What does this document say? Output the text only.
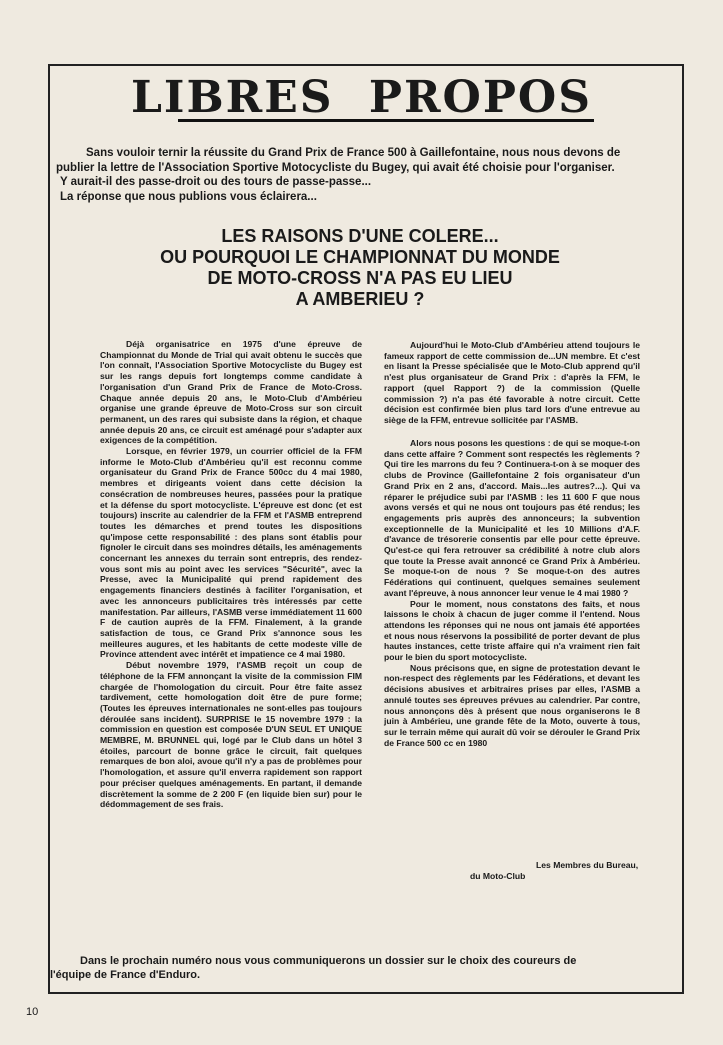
LIBRES PROPOS
Sans vouloir ternir la réussite du Grand Prix de France 500 à Gaillefontaine, nous nous devons de
publier la lettre de l'Association Sportive Motocycliste du Bugey, qui avait été choisie pour l'organiser.
Y aurait-il des passe-droit ou des tours de passe-passe...
La réponse que nous publions vous éclairera...
LES RAISONS D'UNE COLERE...
OU POURQUOI LE CHAMPIONNAT DU MONDE
DE MOTO-CROSS N'A PAS EU LIEU
A AMBERIEU ?

Déjà organisatrice en 1975 d'une épreuve de Championnat du Monde de Trial qui avait obtenu le succès que l'on connaît, l'Association Sportive Motocycliste du Bugey est sur les rangs depuis fort longtemps comme candidate à l'organisation d'un Grand Prix de France de Moto-Cross. Chaque année depuis 20 ans, le Moto-Club d'Ambérieu organise une grande épreuve de Moto-Cross sur son circuit permanent, un des rares qui subsiste dans la région, et chaque année depuis 20 ans, ce circuit est aménagé pour s'adapter aux exigences de la compétition.

Lorsque, en février 1979, un courrier officiel de la FFM informe le Moto-Club d'Ambérieu qu'il est reconnu comme organisateur du Grand Prix de France 500cc du 4 mai 1980, membres et dirigeants voient dans cette décision la consécration de nombreuses heures, passées pour la pratique et la défense du sport motocycliste. L'épreuve est donc (et est toujours) inscrite au calendrier de la FFM et l'ASMB entreprend toutes les démarches et prend toutes les dispositions qu'impose cette responsabilité : des plans sont établis pour fignoler le circuit dans ses moindres détails, les aménagements concernant les annexes du terrain sont entrepris, des rendez-vous sont mis au point avec les services "Sécurité", avec la Presse, avec la Municipalité qui prend rapidement des engagements financiers destinés à faciliter l'organisation, et avec les annonceurs publicitaires très intéressés par cette manifestation. Par ailleurs, l'ASMB verse immédiatement 11 600 F de caution auprès de la FFM. Finalement, à la grande satisfaction de tous, ce Grand Prix s'annonce sous les meilleures augures, et les habitants de cette modeste ville de Province attendent avec intérêt et impatience ce 4 mai 1980.

Début novembre 1979, l'ASMB reçoit un coup de téléphone de la FFM annonçant la visite de la commission FIM chargée de l'homologation du circuit. Pour être faite assez tardivement, cette homologation doit être de pure forme; (Toutes les épreuves internationales ne sont-elles pas toujours déroulée sans incident). SURPRISE le 15 novembre 1979 : la commission en question est composée D'UN SEUL ET UNIQUE MEMBRE, M. BRUNNEL qui, logé par le Club dans un hôtel 3 étoiles, parcourt de bonne grâce le circuit, fait quelques remarques de bon aloi, avoue qu'il n'y a pas de problèmes pour l'homologation, et assure qu'il enverra rapidement son rapport pour préciser quelques aménagements. En partant, il demande discrètement la somme de 2 200 F (en liquide bien sur) pour le dédommagement de ses frais.

Aujourd'hui le Moto-Club d'Ambérieu attend toujours le fameux rapport de cette commission de...UN membre. Et c'est en lisant la Presse spécialisée que le Moto-Club apprend qu'il n'est plus organisateur de Grand Prix : d'après la FFM, le rapport (quel Rapport ?) de la commission (Quelle commission ?) n'a pas été favorable à notre circuit. Cette décision est confirmée bien plus tard lors d'une entrevue au siège de la FFM, entrevue sollicitée par l'ASMB.

Alors nous posons les questions : de qui se moque-t-on dans cette affaire ? Comment sont respectés les règlements ? Qui tire les marrons du feu ? Continuera-t-on à se moquer des clubs de Province (Gaillefontaine 2 fois organisateur d'un Grand Prix en 2 ans, d'accord. Mais...les autres?...). Qui va réparer le préjudice subi par l'ASMB : les 11 600 F que nous avons versés et qui ne nous ont toujours pas été rendus; les engagements pris auprès des annonceurs; la subvention exceptionnelle de la Municipalité et les 10 Millions d'A.F. d'avance de trésorerie consentis par elle pour cette épreuve. Qu'est-ce qui fera retrouver sa crédibilité à notre club alors que toute la Presse avait annoncé ce Grand Prix à Ambérieu. Se moque-t-on de nous ? Se moque-t-on des autres Fédérations qui continuent, quelques semaines seulement avant l'épreuve, à nous annoncer leur venue le 4 mai 1980 ?

Pour le moment, nous constatons des faits, et nous laissons le choix à chacun de juger comme il l'entend. Nous attendons les réponses qui ne nous ont jamais été apportées et nous nous réservons la possibilité de porter devant de plus hautes instances, cette triste affaire qui n'a vraiment rien fait pour le bien du sport motocycliste.

Nous précisons que, en signe de protestation devant le non-respect des règlements par les Fédérations, et devant les décisions abusives et arbitraires prises par elles, l'ASMB a annulé toutes ses épreuves prévues au calendrier. Par contre, nous annonçons dès à présent que nous organiserons le 8 juin à Ambérieu, une grande fête de la Moto, ouverte à tous, sur le terrain même qui aurait dû voir se dérouler le Grand Prix de France 500 cc en 1980

Les Membres du Bureau,
du Moto-Club
Dans le prochain numéro nous vous communiquerons un dossier sur le choix des coureurs de
l'équipe de France d'Enduro.
10
